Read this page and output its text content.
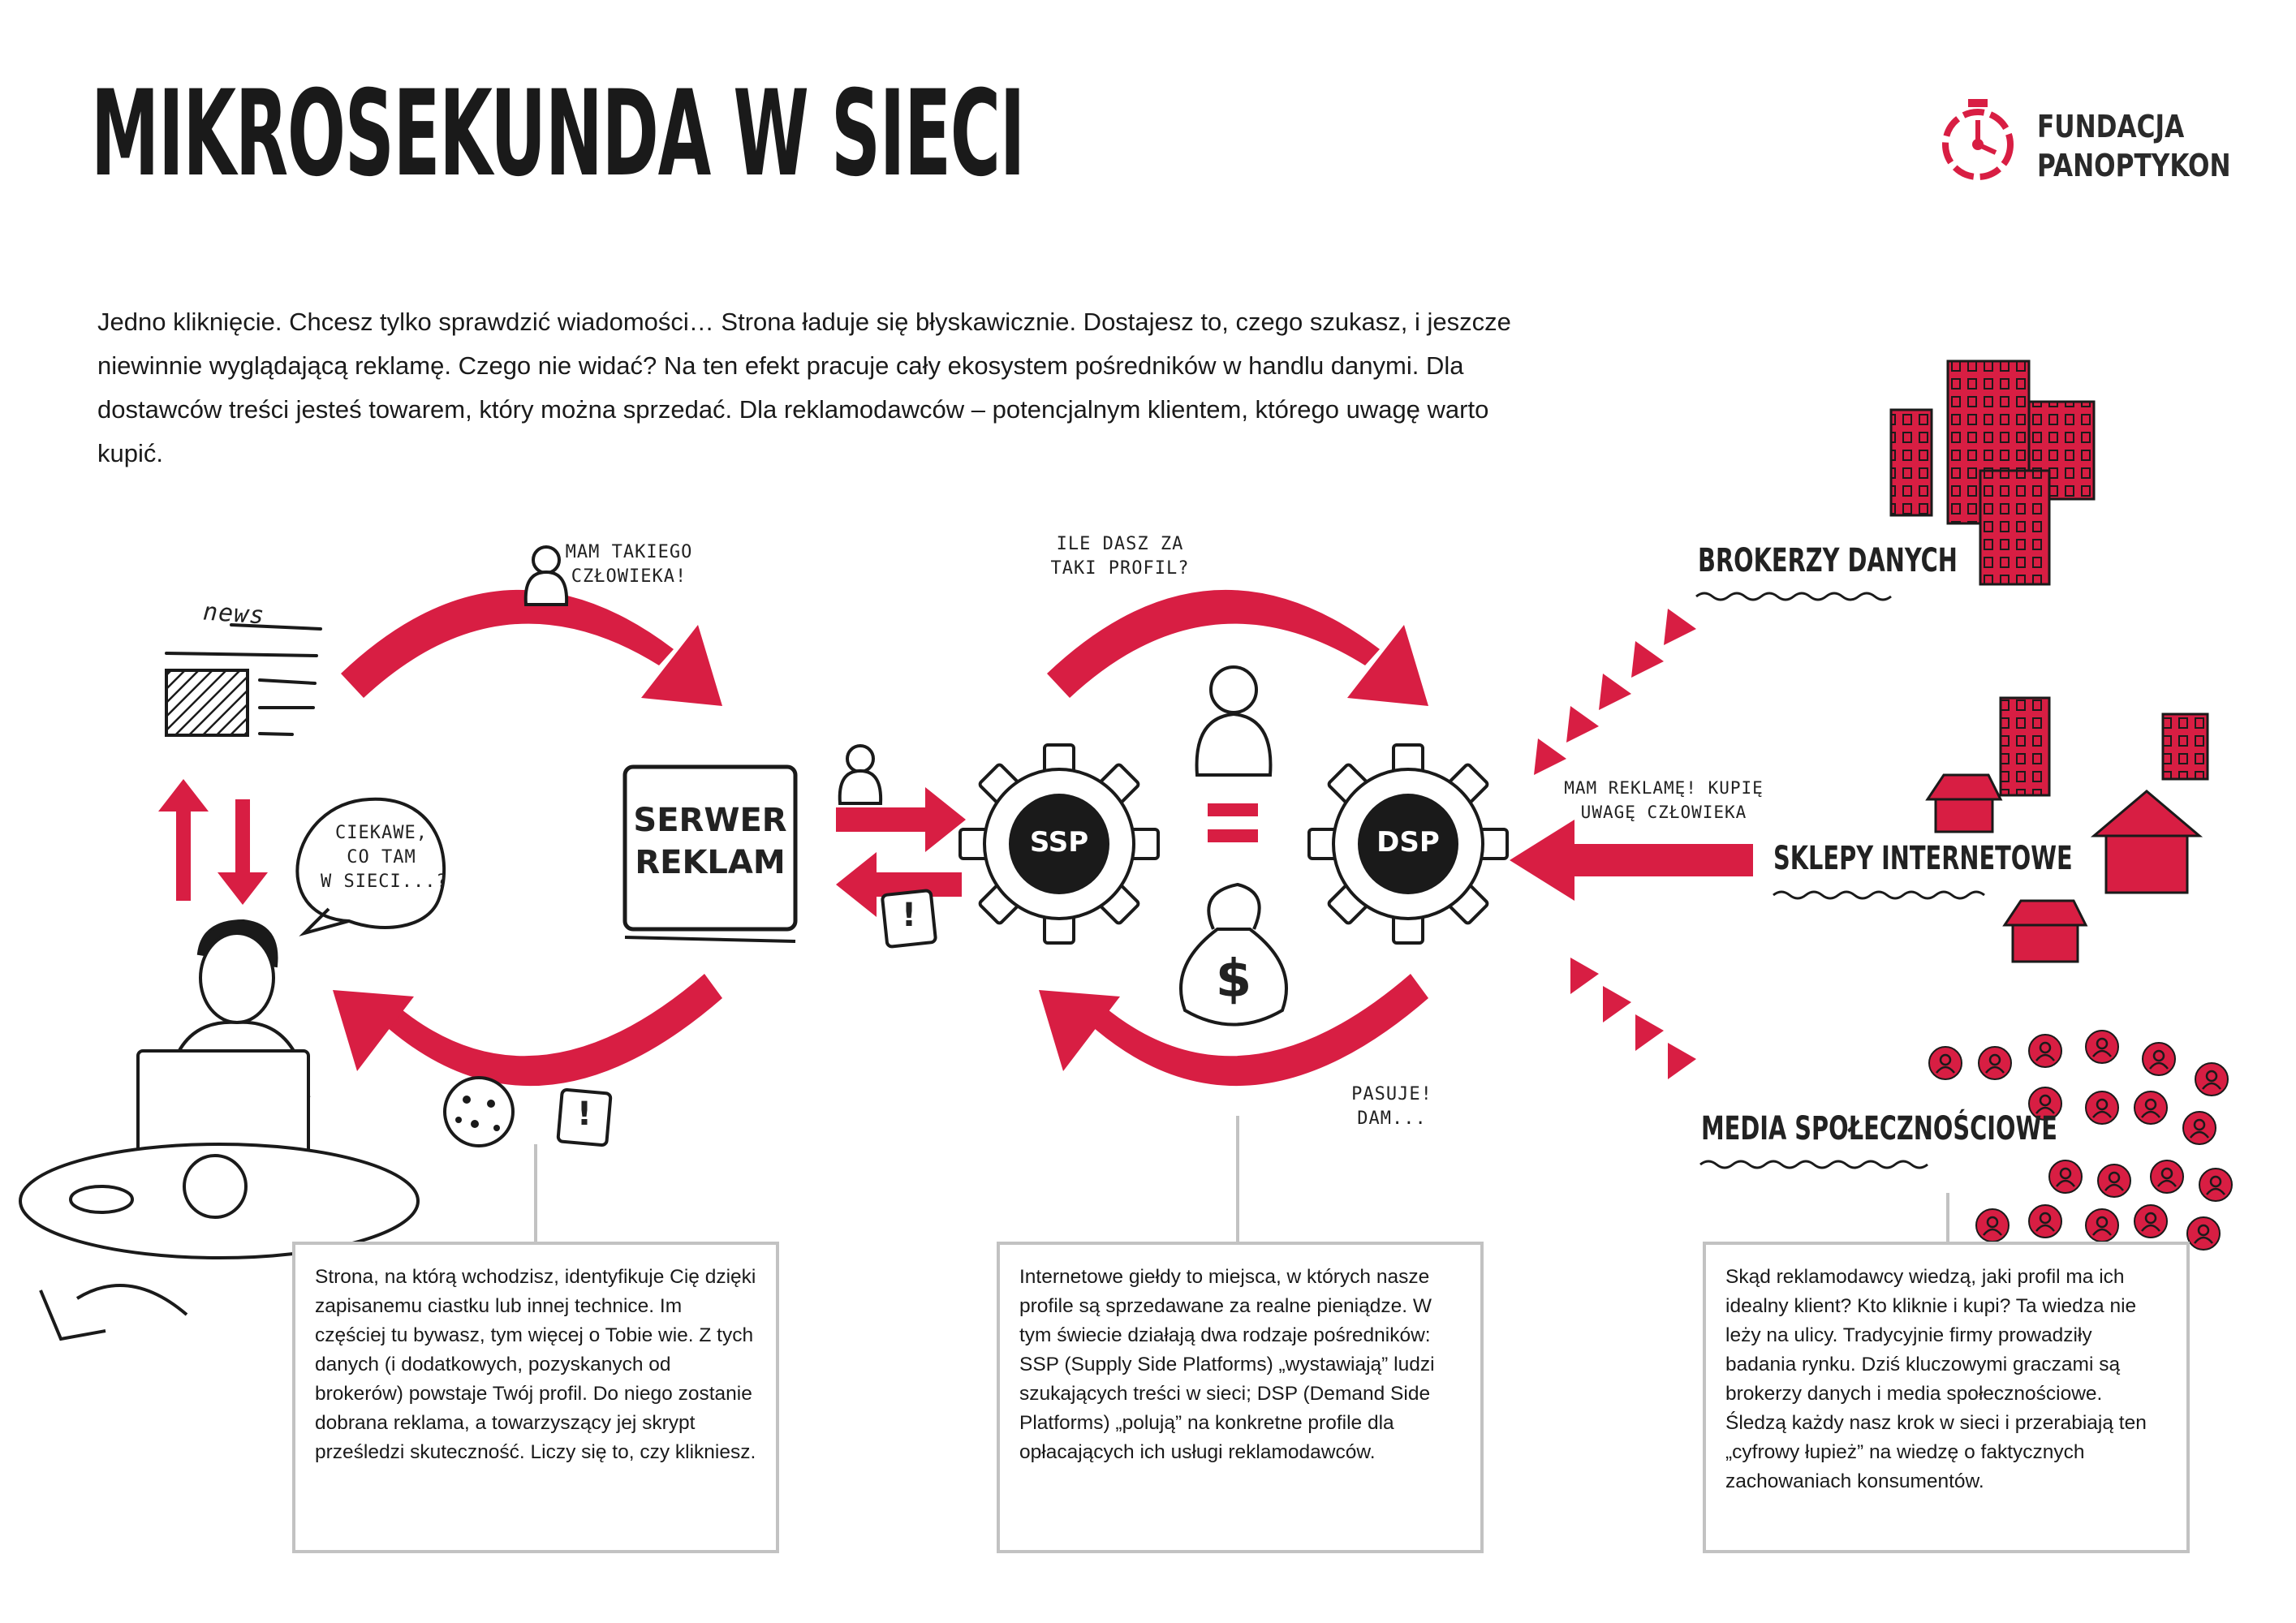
MIKROSEKUNDA W SIECI	FUNDACJA
PANOPTYKON

Jedno kliknięcie. Chcesz tylko sprawdzić wiadomości… Strona ładuje się błyskawicznie. Dostajesz to, czego szukasz, i jeszcze niewinnie wyglądającą reklamę. Czego nie widać? Na ten efekt pracuje cały ekosystem pośredników w handlu danymi. Dla dostawców treści jesteś towarem, który można sprzedać. Dla reklamodawców – potencjalnym klientem, którego uwagę warto kupić.

news
CIEKAWE,
CO TAM
W SIECI...?
MAM TAKIEGO
CZŁOWIEKA!
ILE DASZ ZA
TAKI PROFIL?
MAM REKLAMĘ! KUPIĘ
UWAGĘ CZŁOWIEKA
PASUJE!
DAM...
SERWER
REKLAM
SSP	DSP
!
!
$
BROKERZY DANYCH
SKLEPY INTERNETOWE
MEDIA SPOŁECZNOŚCIOWE
Strona, na którą wchodzisz, identyfikuje Cię dzięki zapisanemu ciastku lub innej technice. Im częściej tu bywasz, tym więcej o Tobie wie. Z tych danych (i dodatkowych, pozyskanych od brokerów) powstaje Twój profil. Do niego zostanie dobrana reklama, a towarzyszący jej skrypt prześledzi skuteczność. Liczy się to, czy klikniesz.
Internetowe giełdy to miejsca, w których nasze profile są sprzedawane za realne pieniądze. W tym świecie działają dwa rodzaje pośredników: SSP (Supply Side Platforms) „wystawiają” ludzi szukających treści w sieci; DSP (Demand Side Platforms) „polują” na konkretne profile dla opłacających ich usługi reklamodawców.
Skąd reklamodawcy wiedzą, jaki profil ma ich idealny klient? Kto kliknie i kupi? Ta wiedza nie leży na ulicy. Tradycyjnie firmy prowadziły badania rynku. Dziś kluczowymi graczami są brokerzy danych i media społecznościowe. Śledzą każdy nasz krok w sieci i przerabiają ten „cyfrowy łupież” na wiedzę o faktycznych zachowaniach konsumentów.
